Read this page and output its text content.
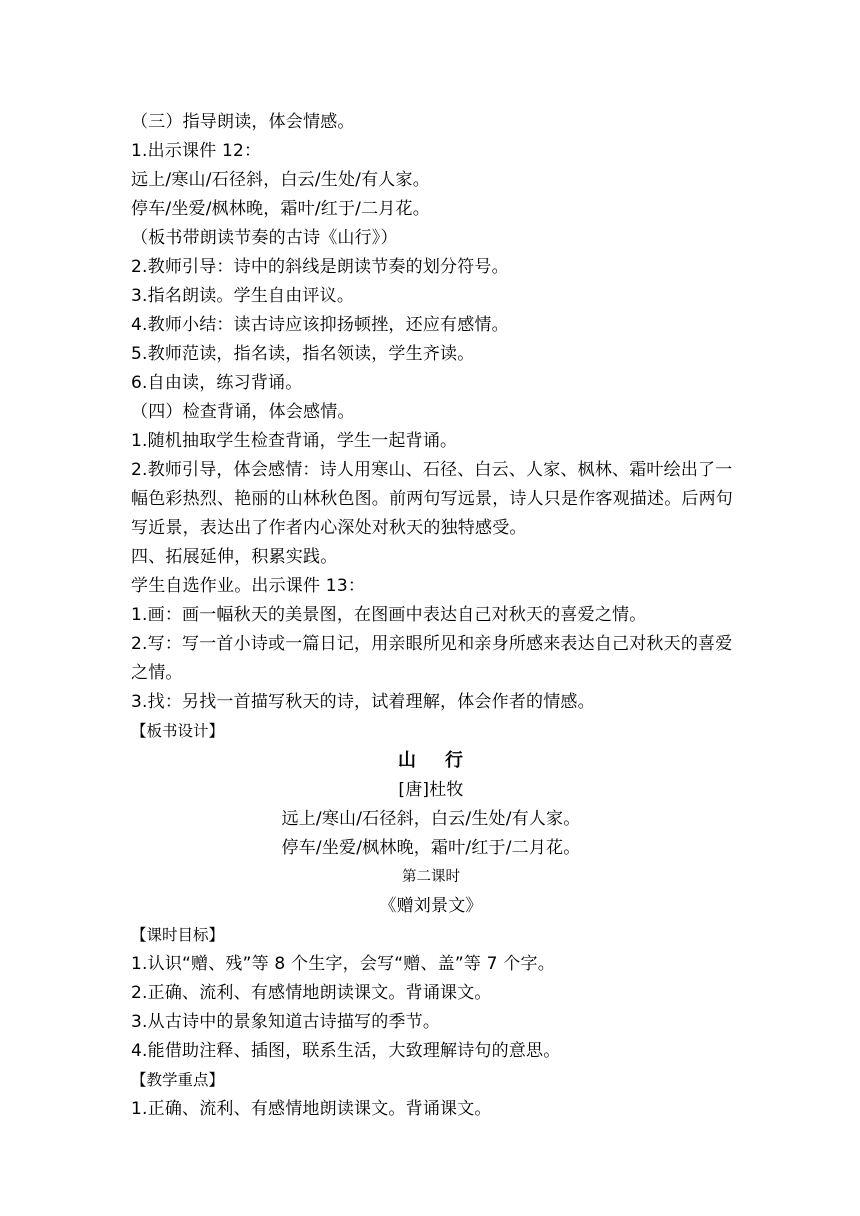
（三）指导朗读，体会情感。

1.出示课件 12：

远上/寒山/石径斜，白云/生处/有人家。

停车/坐爱/枫林晚，霜叶/红于/二月花。

（板书带朗读节奏的古诗《山行》）

2.教师引导：诗中的斜线是朗读节奏的划分符号。

3.指名朗读。学生自由评议。

4.教师小结：读古诗应该抑扬顿挫，还应有感情。

5.教师范读，指名读，指名领读，学生齐读。

6.自由读，练习背诵。

（四）检查背诵，体会感情。

1.随机抽取学生检查背诵，学生一起背诵。

2.教师引导，体会感情：诗人用寒山、石径、白云、人家、枫林、霜叶绘出了一

幅色彩热烈、艳丽的山林秋色图。前两句写远景，诗人只是作客观描述。后两句

写近景，表达出了作者内心深处对秋天的独特感受。

四、拓展延伸，积累实践。

学生自选作业。出示课件 13：

1.画：画一幅秋天的美景图，在图画中表达自己对秋天的喜爱之情。

2.写：写一首小诗或一篇日记，用亲眼所见和亲身所感来表达自己对秋天的喜爱

之情。

3.找：另找一首描写秋天的诗，试着理解，体会作者的情感。

【板书设计】

山 行

[唐]杜牧

远上/寒山/石径斜，白云/生处/有人家。

停车/坐爱/枫林晚，霜叶/红于/二月花。

第二课时

《赠刘景文》

【课时目标】

1.认识“赠、残”等 8 个生字，会写“赠、盖”等 7 个字。

2.正确、流利、有感情地朗读课文。背诵课文。

3.从古诗中的景象知道古诗描写的季节。

4.能借助注释、插图，联系生活，大致理解诗句的意思。

【教学重点】

1.正确、流利、有感情地朗读课文。背诵课文。
